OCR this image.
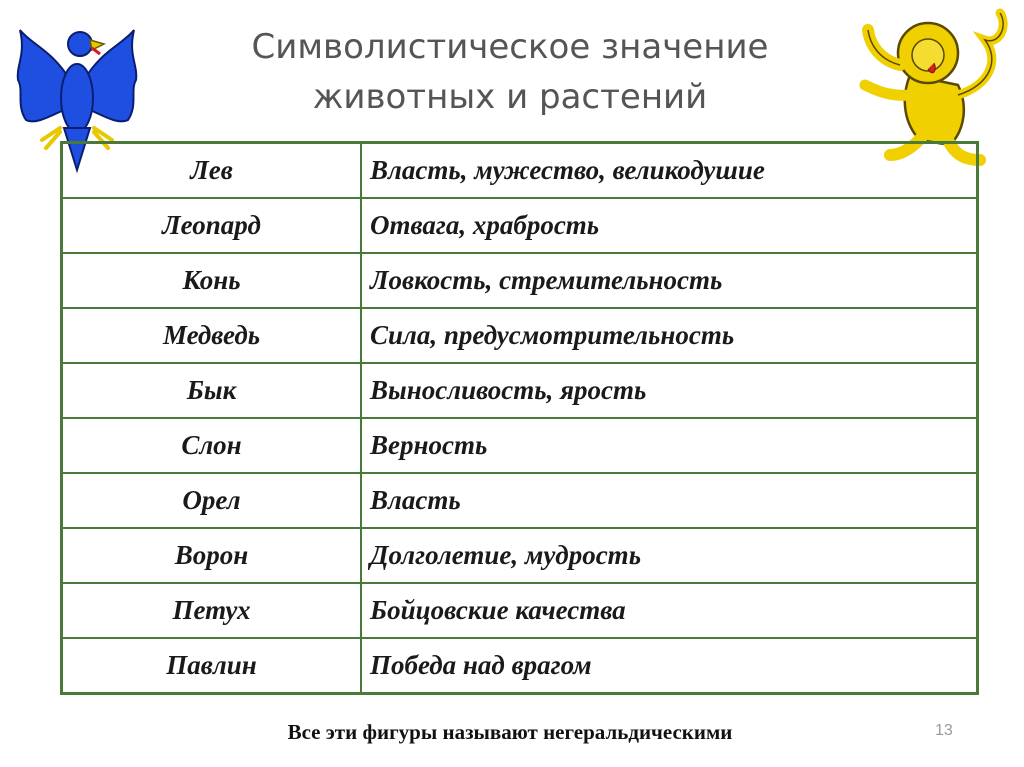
Символистическое значение
животных и растений
Лев	Власть, мужество, великодушие
Леопард	Отвага, храбрость
Конь	Ловкость, стремительность
Медведь	Сила, предусмотрительность
Бык	Выносливость, ярость
Слон	Верность
Орел	Власть
Ворон	Долголетие, мудрость
Петух	Бойцовские качества
Павлин	Победа над врагом
Все эти фигуры называют негеральдическими	13
